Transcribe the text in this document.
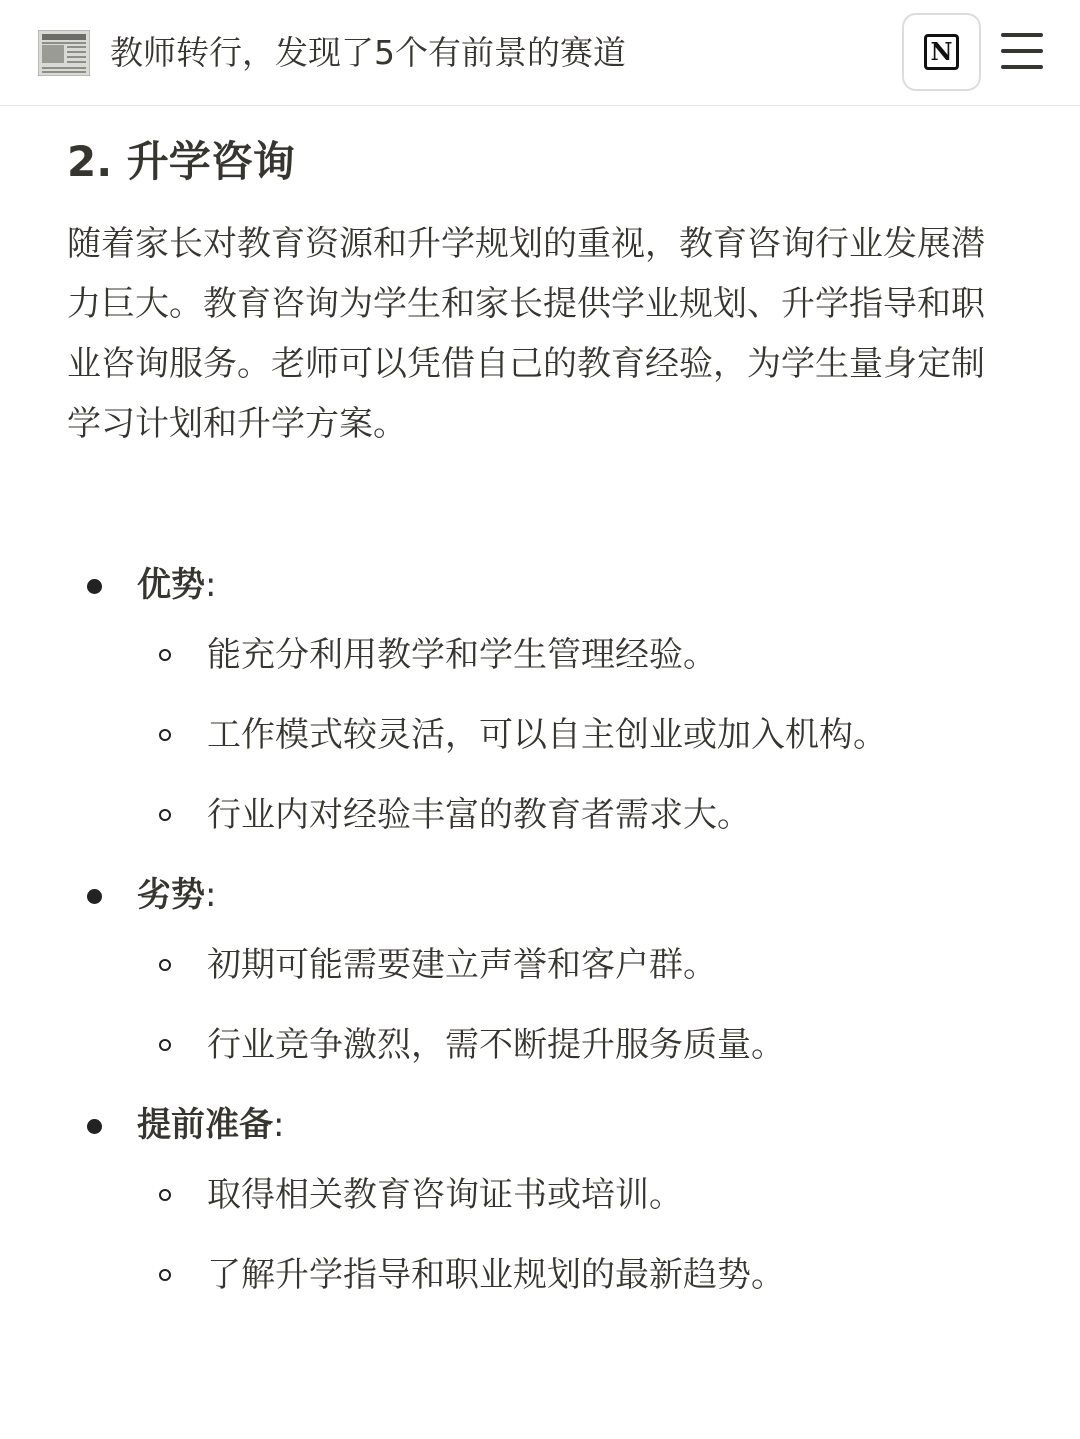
教师转行，发现了5个有前景的赛道	N
2. 升学咨询

随着家长对教育资源和升学规划的重视，教育咨询行业发展潜力巨大。教育咨询为学生和家长提供学业规划、升学指导和职业咨询服务。老师可以凭借自己的教育经验，为学生量身定制学习计划和升学方案。

优势:
能充分利用教学和学生管理经验。
工作模式较灵活，可以自主创业或加入机构。
行业内对经验丰富的教育者需求大。
劣势:
初期可能需要建立声誉和客户群。
行业竞争激烈，需不断提升服务质量。
提前准备:
取得相关教育咨询证书或培训。
了解升学指导和职业规划的最新趋势。
